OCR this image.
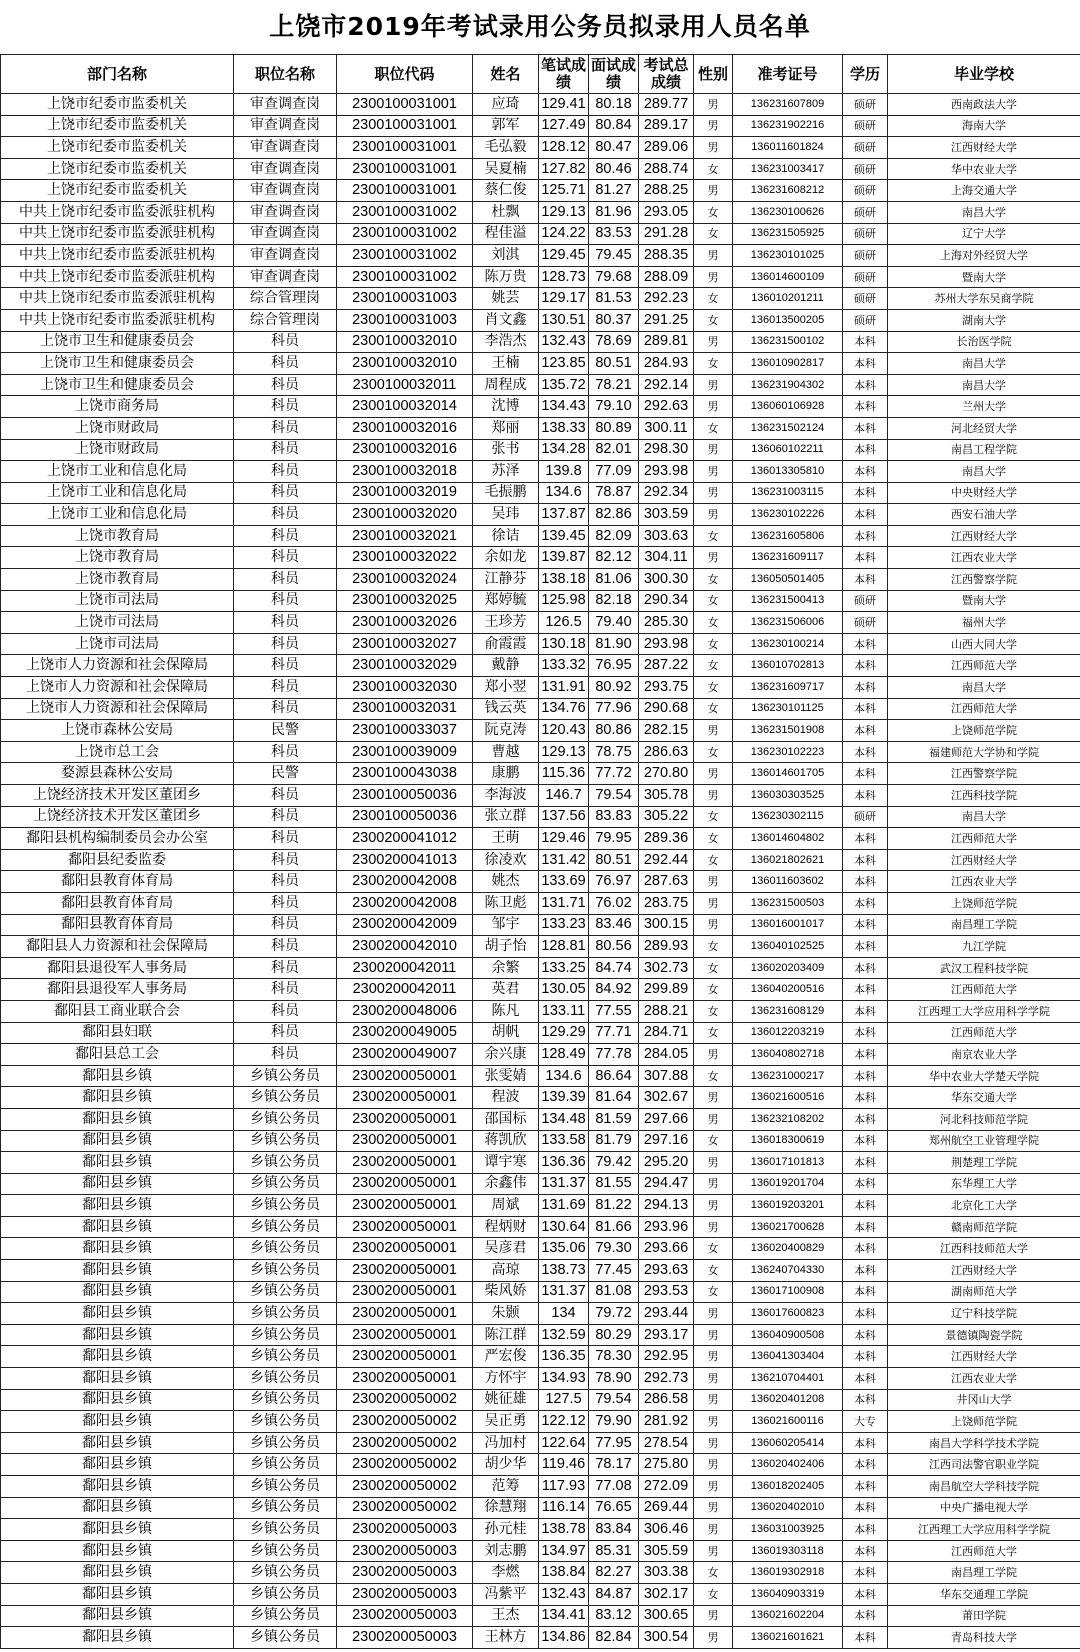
上饶市2019年考试录用公务员拟录用人员名单
部门名称	职位名称	职位代码	姓名	笔试成绩	面试成绩	考试总成绩	性别	准考证号	学历	毕业学校
上饶市纪委市监委机关	审查调查岗	2300100031001	应琦	129.41	80.18	289.77	男	136231607809	硕研	西南政法大学
上饶市纪委市监委机关	审查调查岗	2300100031001	郭军	127.49	80.84	289.17	男	136231902216	硕研	海南大学
上饶市纪委市监委机关	审查调查岗	2300100031001	毛弘毅	128.12	80.47	289.06	男	136011601824	硕研	江西财经大学
上饶市纪委市监委机关	审查调查岗	2300100031001	吴夏楠	127.82	80.46	288.74	女	136231003417	硕研	华中农业大学
上饶市纪委市监委机关	审查调查岗	2300100031001	蔡仁俊	125.71	81.27	288.25	男	136231608212	硕研	上海交通大学
中共上饶市纪委市监委派驻机构	审查调查岗	2300100031002	杜飘	129.13	81.96	293.05	女	136230100626	硕研	南昌大学
中共上饶市纪委市监委派驻机构	审查调查岗	2300100031002	程佳溢	124.22	83.53	291.28	女	136231505925	硕研	辽宁大学
中共上饶市纪委市监委派驻机构	审查调查岗	2300100031002	刘淇	129.45	79.45	288.35	男	136230101025	硕研	上海对外经贸大学
中共上饶市纪委市监委派驻机构	审查调查岗	2300100031002	陈万贵	128.73	79.68	288.09	男	136014600109	硕研	暨南大学
中共上饶市纪委市监委派驻机构	综合管理岗	2300100031003	姚芸	129.17	81.53	292.23	女	136010201211	硕研	苏州大学东吴商学院
中共上饶市纪委市监委派驻机构	综合管理岗	2300100031003	肖文鑫	130.51	80.37	291.25	女	136013500205	硕研	湖南大学
上饶市卫生和健康委员会	科员	2300100032010	李浩杰	132.43	78.69	289.81	男	136231500102	本科	长治医学院
上饶市卫生和健康委员会	科员	2300100032010	王楠	123.85	80.51	284.93	女	136010902817	本科	南昌大学
上饶市卫生和健康委员会	科员	2300100032011	周程成	135.72	78.21	292.14	男	136231904302	本科	南昌大学
上饶市商务局	科员	2300100032014	沈博	134.43	79.10	292.63	男	136060106928	本科	兰州大学
上饶市财政局	科员	2300100032016	郑丽	138.33	80.89	300.11	女	136231502124	本科	河北经贸大学
上饶市财政局	科员	2300100032016	张书	134.28	82.01	298.30	男	136060102211	本科	南昌工程学院
上饶市工业和信息化局	科员	2300100032018	苏泽	139.8	77.09	293.98	男	136013305810	本科	南昌大学
上饶市工业和信息化局	科员	2300100032019	毛振鹏	134.6	78.87	292.34	男	136231003115	本科	中央财经大学
上饶市工业和信息化局	科员	2300100032020	吴玮	137.87	82.86	303.59	男	136230102226	本科	西安石油大学
上饶市教育局	科员	2300100032021	徐诘	139.45	82.09	303.63	女	136231605806	本科	江西财经大学
上饶市教育局	科员	2300100032022	余如龙	139.87	82.12	304.11	男	136231609117	本科	江西农业大学
上饶市教育局	科员	2300100032024	江静芬	138.18	81.06	300.30	女	136050501405	本科	江西警察学院
上饶市司法局	科员	2300100032025	郑婷毓	125.98	82.18	290.34	女	136231500413	硕研	暨南大学
上饶市司法局	科员	2300100032026	王珍芳	126.5	79.40	285.30	女	136231506006	硕研	福州大学
上饶市司法局	科员	2300100032027	俞霞霞	130.18	81.90	293.98	女	136230100214	本科	山西大同大学
上饶市人力资源和社会保障局	科员	2300100032029	戴静	133.32	76.95	287.22	女	136010702813	本科	江西师范大学
上饶市人力资源和社会保障局	科员	2300100032030	郑小翌	131.91	80.92	293.75	女	136231609717	本科	南昌大学
上饶市人力资源和社会保障局	科员	2300100032031	钱云英	134.76	77.96	290.68	女	136230101125	本科	江西师范大学
上饶市森林公安局	民警	2300100033037	阮克涛	120.43	80.86	282.15	男	136231501908	本科	上饶师范学院
上饶市总工会	科员	2300100039009	曹越	129.13	78.75	286.63	女	136230102223	本科	福建师范大学协和学院
婺源县森林公安局	民警	2300100043038	康鹏	115.36	77.72	270.80	男	136014601705	本科	江西警察学院
上饶经济技术开发区董团乡	科员	2300100050036	李海波	146.7	79.54	305.78	男	136030303525	本科	江西科技学院
上饶经济技术开发区董团乡	科员	2300100050036	张立群	137.56	83.83	305.22	女	136230302115	硕研	南昌大学
鄱阳县机构编制委员会办公室	科员	2300200041012	王萌	129.46	79.95	289.36	女	136014604802	本科	江西师范大学
鄱阳县纪委监委	科员	2300200041013	徐凌欢	131.42	80.51	292.44	女	136021802621	本科	江西财经大学
鄱阳县教育体育局	科员	2300200042008	姚杰	133.69	76.97	287.63	男	136011603602	本科	江西农业大学
鄱阳县教育体育局	科员	2300200042008	陈卫彪	131.71	76.02	283.75	男	136231500503	本科	上饶师范学院
鄱阳县教育体育局	科员	2300200042009	邹宇	133.23	83.46	300.15	男	136016001017	本科	南昌理工学院
鄱阳县人力资源和社会保障局	科员	2300200042010	胡子怡	128.81	80.56	289.93	女	136040102525	本科	九江学院
鄱阳县退役军人事务局	科员	2300200042011	余繁	133.25	84.74	302.73	女	136020203409	本科	武汉工程科技学院
鄱阳县退役军人事务局	科员	2300200042011	英君	130.05	84.92	299.89	女	136040200516	本科	江西师范大学
鄱阳县工商业联合会	科员	2300200048006	陈凡	133.11	77.55	288.21	女	136231608129	本科	江西理工大学应用科学学院
鄱阳县妇联	科员	2300200049005	胡帆	129.29	77.71	284.71	女	136012203219	本科	江西师范大学
鄱阳县总工会	科员	2300200049007	余兴康	128.49	77.78	284.05	男	136040802718	本科	南京农业大学
鄱阳县乡镇	乡镇公务员	2300200050001	张雯婧	134.6	86.64	307.88	女	136231000217	本科	华中农业大学楚天学院
鄱阳县乡镇	乡镇公务员	2300200050001	程波	139.39	81.64	302.67	男	136021600516	本科	华东交通大学
鄱阳县乡镇	乡镇公务员	2300200050001	邵国标	134.48	81.59	297.66	男	136232108202	本科	河北科技师范学院
鄱阳县乡镇	乡镇公务员	2300200050001	蒋凯欣	133.58	81.79	297.16	女	136018300619	本科	郑州航空工业管理学院
鄱阳县乡镇	乡镇公务员	2300200050001	谭宇寒	136.36	79.42	295.20	男	136017101813	本科	荆楚理工学院
鄱阳县乡镇	乡镇公务员	2300200050001	余鑫伟	131.37	81.55	294.47	男	136019201704	本科	东华理工大学
鄱阳县乡镇	乡镇公务员	2300200050001	周斌	131.69	81.22	294.13	男	136019203201	本科	北京化工大学
鄱阳县乡镇	乡镇公务员	2300200050001	程炳财	130.64	81.66	293.96	男	136021700628	本科	赣南师范学院
鄱阳县乡镇	乡镇公务员	2300200050001	吴彦君	135.06	79.30	293.66	女	136020400829	本科	江西科技师范大学
鄱阳县乡镇	乡镇公务员	2300200050001	高琼	138.73	77.45	293.63	女	136240704330	本科	江西财经大学
鄱阳县乡镇	乡镇公务员	2300200050001	柴风娇	131.37	81.08	293.53	女	136017100908	本科	湖南师范大学
鄱阳县乡镇	乡镇公务员	2300200050001	朱颢	134	79.72	293.44	男	136017600823	本科	辽宁科技学院
鄱阳县乡镇	乡镇公务员	2300200050001	陈江群	132.59	80.29	293.17	男	136040900508	本科	景德镇陶瓷学院
鄱阳县乡镇	乡镇公务员	2300200050001	严宏俊	136.35	78.30	292.95	男	136041303404	本科	江西财经大学
鄱阳县乡镇	乡镇公务员	2300200050001	方怀宇	134.93	78.90	292.73	男	136210704401	本科	江西农业大学
鄱阳县乡镇	乡镇公务员	2300200050002	姚征雄	127.5	79.54	286.58	男	136020401208	本科	井冈山大学
鄱阳县乡镇	乡镇公务员	2300200050002	吴正勇	122.12	79.90	281.92	男	136021600116	大专	上饶师范学院
鄱阳县乡镇	乡镇公务员	2300200050002	冯加村	122.64	77.95	278.54	男	136060205414	本科	南昌大学科学技术学院
鄱阳县乡镇	乡镇公务员	2300200050002	胡少华	119.46	78.17	275.80	男	136020402406	本科	江西司法警官职业学院
鄱阳县乡镇	乡镇公务员	2300200050002	范筹	117.93	77.08	272.09	男	136018202405	本科	南昌航空大学科技学院
鄱阳县乡镇	乡镇公务员	2300200050002	徐慧翔	116.14	76.65	269.44	男	136020402010	本科	中央广播电视大学
鄱阳县乡镇	乡镇公务员	2300200050003	孙元桂	138.78	83.84	306.46	男	136031003925	本科	江西理工大学应用科学学院
鄱阳县乡镇	乡镇公务员	2300200050003	刘志鹏	134.97	85.31	305.59	男	136019303118	本科	江西师范大学
鄱阳县乡镇	乡镇公务员	2300200050003	李燃	138.84	82.27	303.38	女	136019302918	本科	南昌理工学院
鄱阳县乡镇	乡镇公务员	2300200050003	冯紫平	132.43	84.87	302.17	女	136040903319	本科	华东交通理工学院
鄱阳县乡镇	乡镇公务员	2300200050003	王杰	134.41	83.12	300.65	男	136021602204	本科	莆田学院
鄱阳县乡镇	乡镇公务员	2300200050003	王林方	134.86	82.84	300.54	男	136021601621	本科	青岛科技大学
